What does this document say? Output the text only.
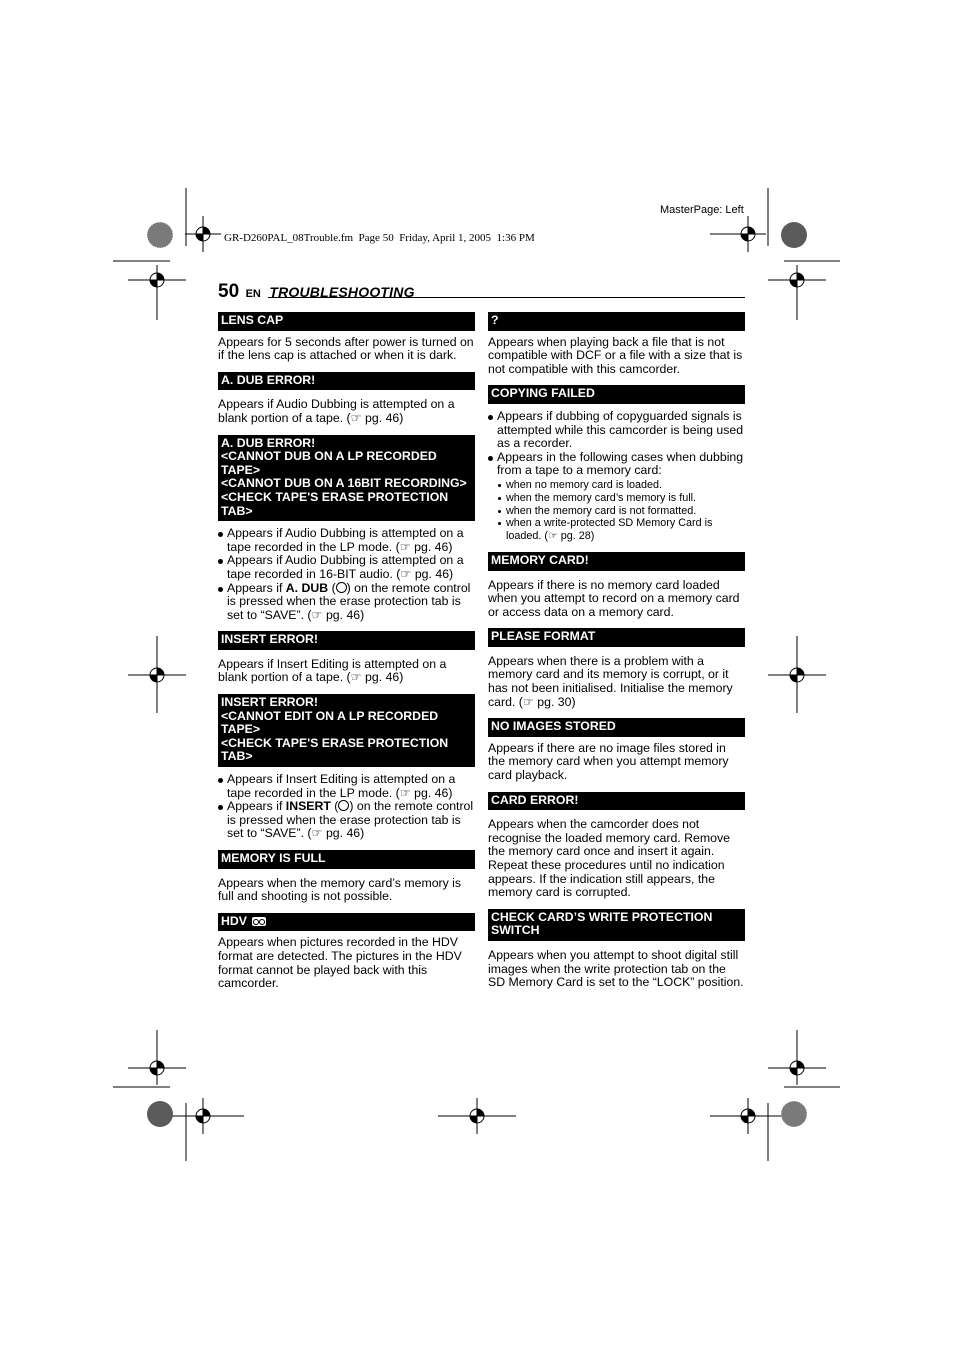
MasterPage: Left
GR-D260PAL_08Trouble.fm  Page 50  Friday, April 1, 2005  1:36 PM
50 EN TROUBLESHOOTING
LENS CAP

Appears for 5 seconds after power is turned on if the lens cap is attached or when it is dark.

A. DUB ERROR!

Appears if Audio Dubbing is attempted on a blank portion of a tape. (☞ pg. 46)

A. DUB ERROR!
<CANNOT DUB ON A LP RECORDED TAPE>
<CANNOT DUB ON A 16BIT RECORDING>
<CHECK TAPE'S ERASE PROTECTION TAB>
Appears if Audio Dubbing is attempted on a tape recorded in the LP mode. (☞ pg. 46)
Appears if Audio Dubbing is attempted on a tape recorded in 16-BIT audio. (☞ pg. 46)
Appears if A. DUB ( ) on the remote control is pressed when the erase protection tab is set to “SAVE”. (☞ pg. 46)
INSERT ERROR!

Appears if Insert Editing is attempted on a blank portion of a tape. (☞ pg. 46)

INSERT ERROR!
<CANNOT EDIT ON A LP RECORDED TAPE>
<CHECK TAPE'S ERASE PROTECTION TAB>
Appears if Insert Editing is attempted on a tape recorded in the LP mode. (☞ pg. 46)
Appears if INSERT ( ) on the remote control is pressed when the erase protection tab is set to “SAVE”. (☞ pg. 46)
MEMORY IS FULL

Appears when the memory card’s memory is full and shooting is not possible.

HDV

Appears when pictures recorded in the HDV format are detected. The pictures in the HDV format cannot be played back with this camcorder.

?

Appears when playing back a file that is not compatible with DCF or a file with a size that is not compatible with this camcorder.

COPYING FAILED
Appears if dubbing of copyguarded signals is attempted while this camcorder is being used as a recorder.
Appears in the following cases when dubbing from a tape to a memory card:
when no memory card is loaded.
when the memory card’s memory is full.
when the memory card is not formatted.
when a write-protected SD Memory Card is loaded. (☞ pg. 28)
MEMORY CARD!

Appears if there is no memory card loaded when you attempt to record on a memory card or access data on a memory card.

PLEASE FORMAT

Appears when there is a problem with a memory card and its memory is corrupt, or it has not been initialised. Initialise the memory card. (☞ pg. 30)

NO IMAGES STORED

Appears if there are no image files stored in the memory card when you attempt memory card playback.

CARD ERROR!

Appears when the camcorder does not recognise the loaded memory card. Remove the memory card once and insert it again. Repeat these procedures until no indication appears. If the indication still appears, the memory card is corrupted.

CHECK CARD’S WRITE PROTECTION SWITCH

Appears when you attempt to shoot digital still images when the write protection tab on the SD Memory Card is set to the “LOCK” position.
